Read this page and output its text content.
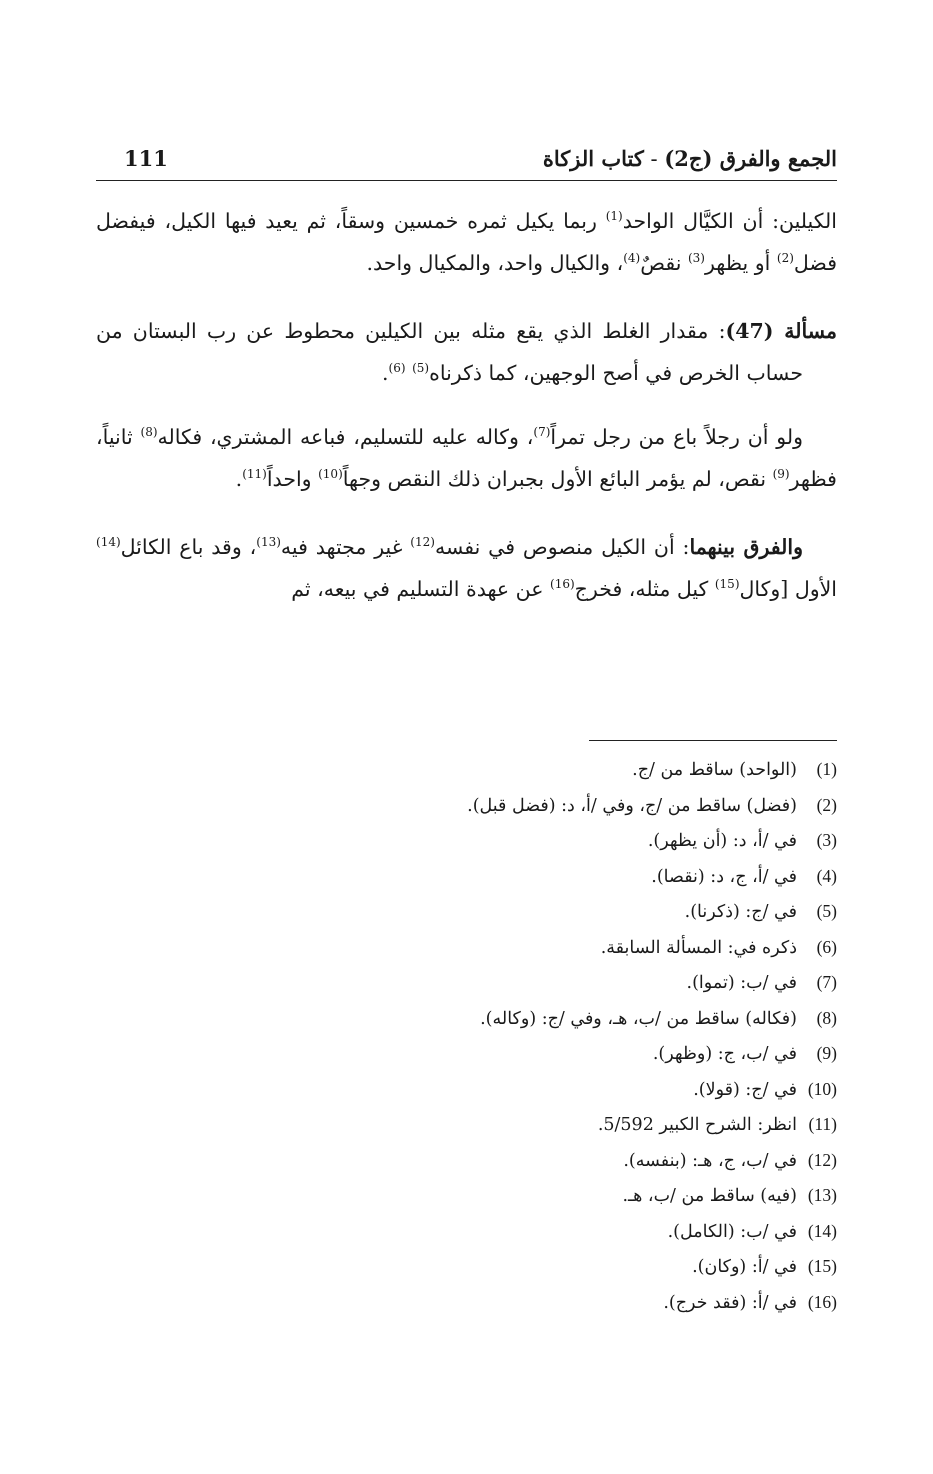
الجمع والفرق (ج2) - كتاب الزكاة
111

الكيلين: أن الكيَّال الواحد$^{(1)}$ ربما يكيل ثمره خمسين وسقاً، ثم يعيد فيها الكيل، فيفضل فضل$^{(2)}$ أو يظهر$^{(3)}$ نقصٌ$^{(4)}$، والكيال واحد، والمكيال واحد.

مسألة (47): مقدار الغلط الذي يقع مثله بين الكيلين محطوط عن رب البستان من حساب الخرص في أصح الوجهين، كما ذكرناه$^{(5)}$ $^{(6)}$.

ولو أن رجلاً باع من رجل تمراً$^{(7)}$، وكاله عليه للتسليم، فباعه المشتري، فكاله$^{(8)}$ ثانياً، فظهر$^{(9)}$ نقص، لم يؤمر البائع الأول بجبران ذلك النقص وجهاً$^{(10)}$ واحداً$^{(11)}$.

والفرق بينهما: أن الكيل منصوص في نفسه$^{(12)}$ غير مجتهد فيه$^{(13)}$، وقد باع الكائل$^{(14)}$ الأول [وكال$^{(15)}$ كيل مثله، فخرج$^{(16)}$ عن عهدة التسليم في بيعه، ثم

(1)
(الواحد) ساقط من /ج.
(2)
(فضل) ساقط من /ج، وفي /أ، د: (فضل قبل).
(3)
في /أ، د: (أن يظهر).
(4)
في /أ، ج، د: (نقصا).
(5)
في /ج: (ذكرنا).
(6)
ذكره في: المسألة السابقة.
(7)
في /ب: (تموا).
(8)
(فكاله) ساقط من /ب، هـ، وفي /ج: (وكاله).
(9)
في /ب، ج: (وظهر).
(10)
في /ج: (قولا).
(11)
انظر: الشرح الكبير 5/592.
(12)
في /ب، ج، هـ: (بنفسه).
(13)
(فيه) ساقط من /ب، هـ.
(14)
في /ب: (الكامل).
(15)
في /أ: (وكان).
(16)
في /أ: (فقد خرج).
